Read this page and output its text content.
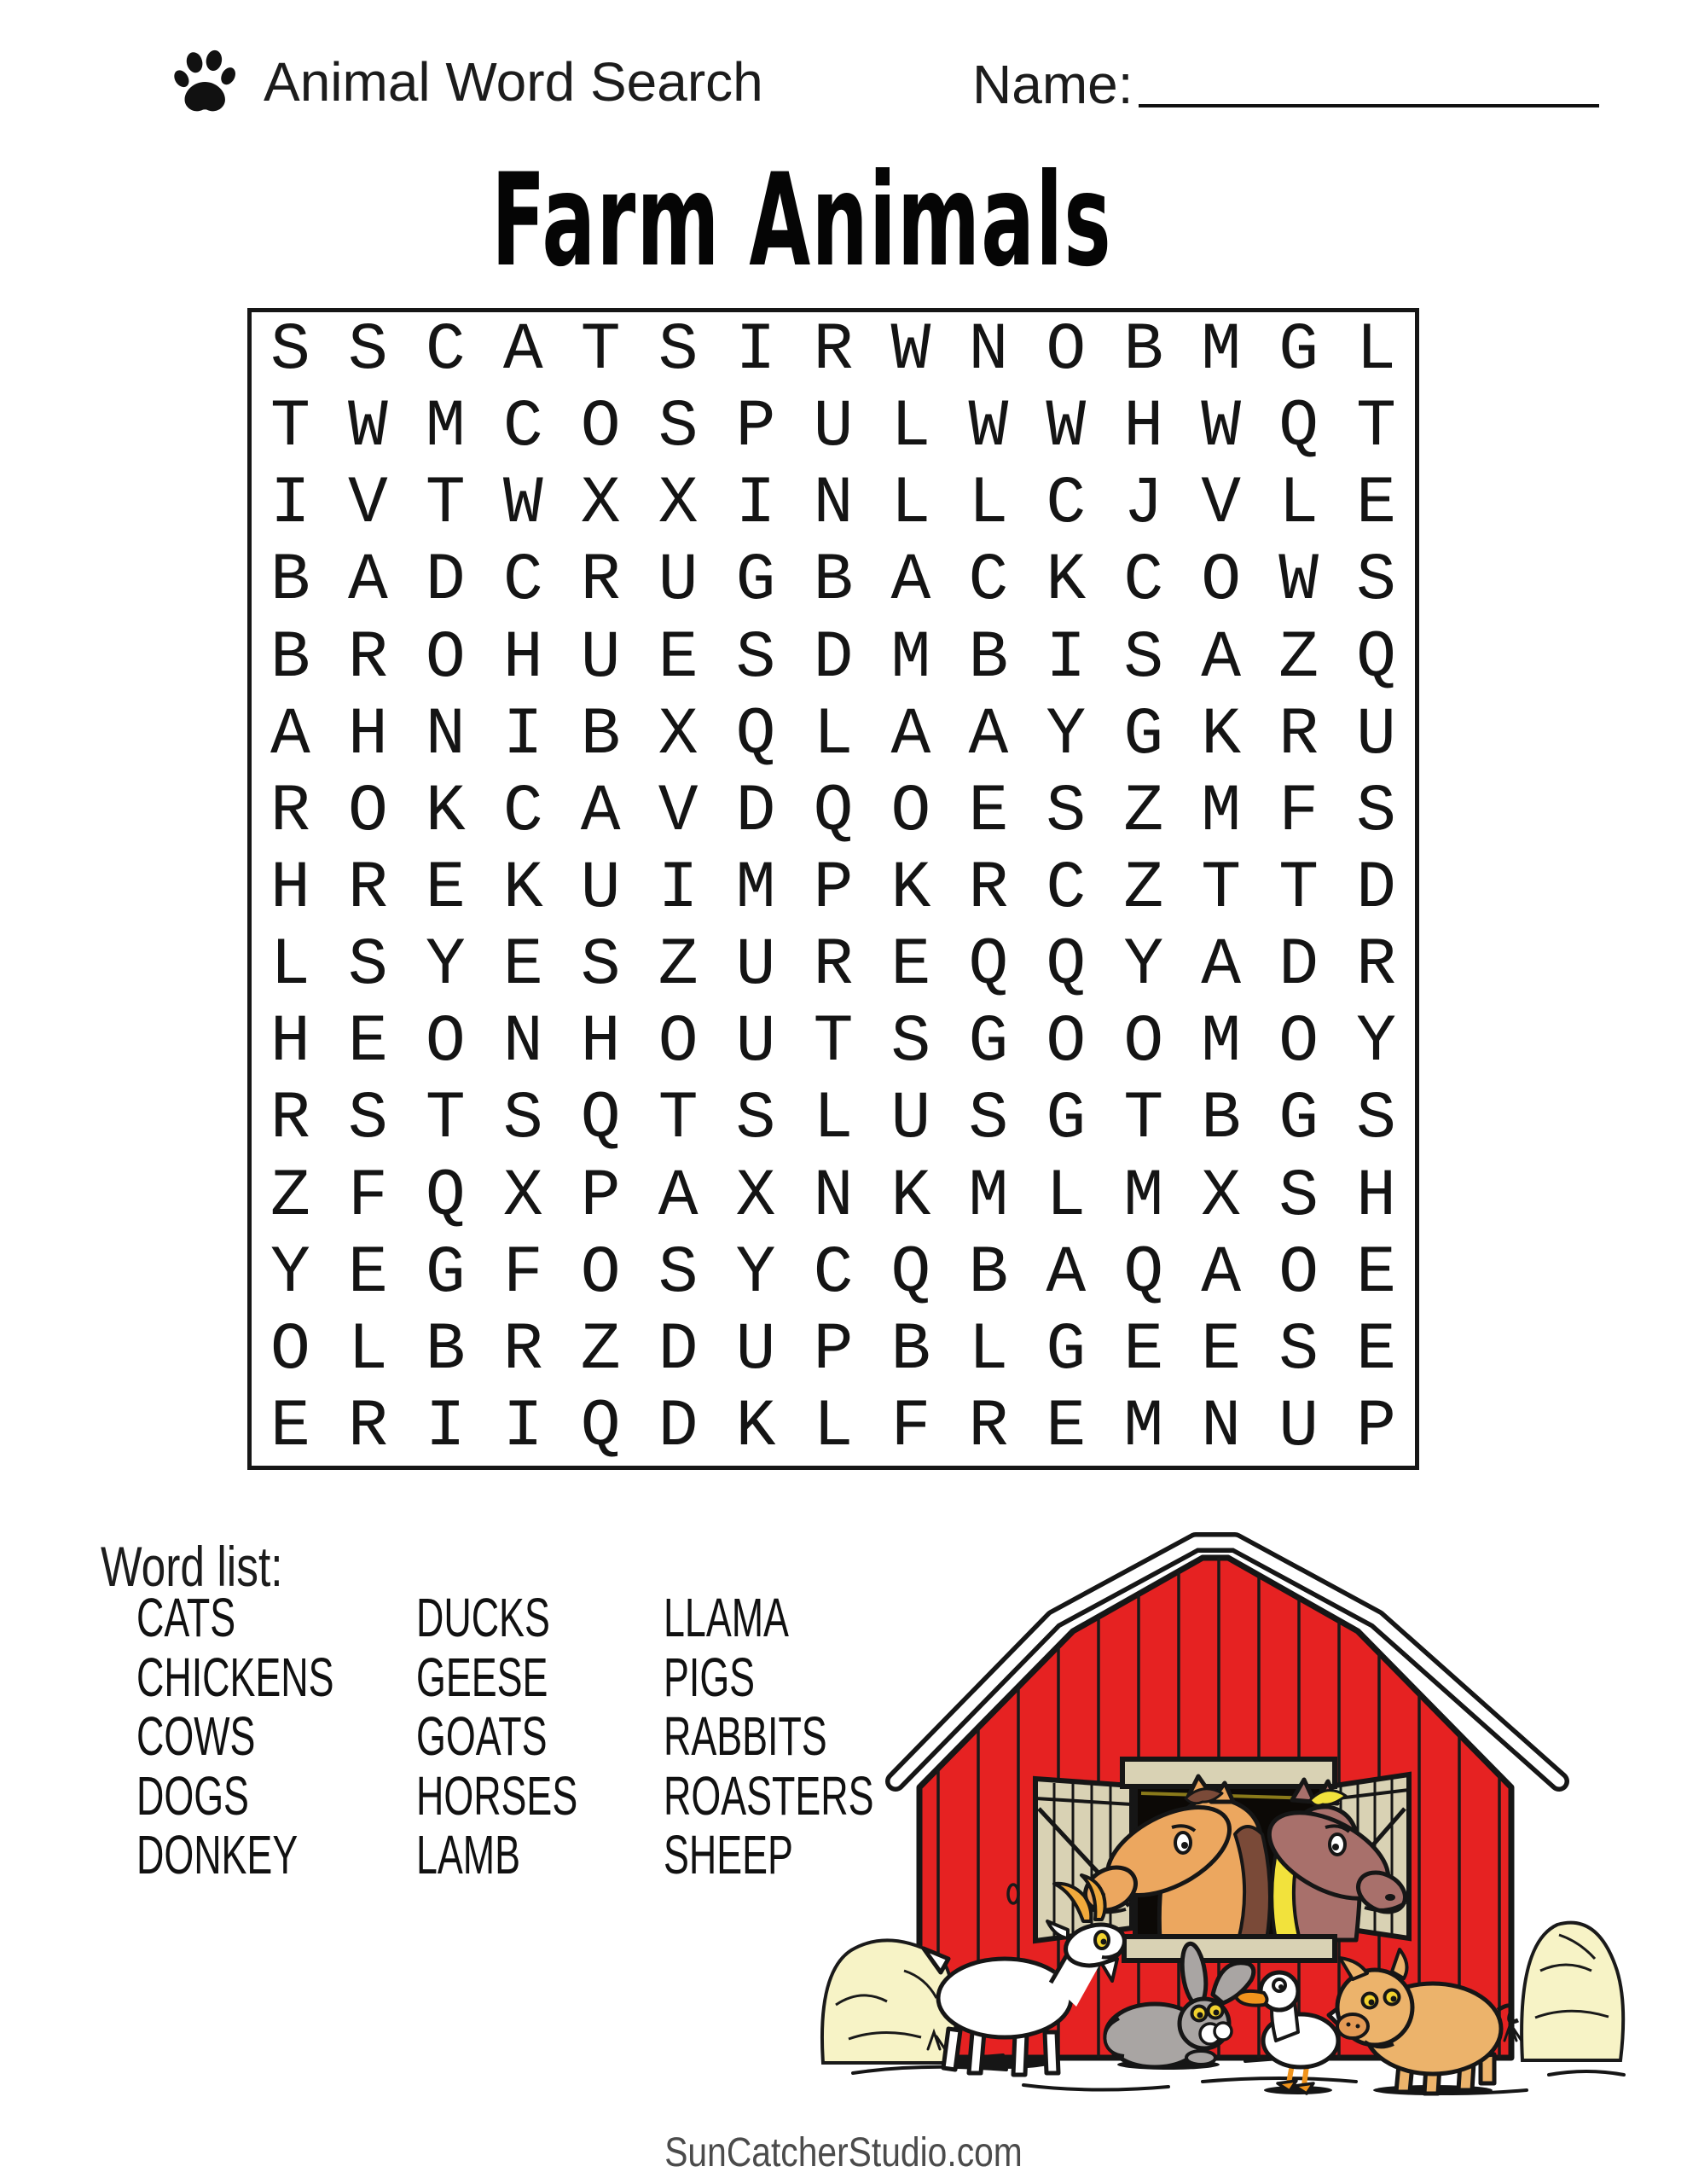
Animal Word Search	Name:
Farm Animals
S S C A T S I R W N O B M G L
T W M C O S P U L W W H W Q T
I V T W X X I N L L C J V L E
B A D C R U G B A C K C O W S
B R O H U E S D M B I S A Z Q
A H N I B X Q L A A Y G K R U
R O K C A V D Q O E S Z M F S
H R E K U I M P K R C Z T T D
L S Y E S Z U R E Q Q Y A D R
H E O N H O U T S G O O M O Y
R S T S Q T S L U S G T B G S
Z F Q X P A X N K M L M X S H
Y E G F O S Y C Q B A Q A O E
O L B R Z D U P B L G E E S E
E R I I Q D K L F R E M N U P
Word list:
CATS
CHICKENS
COWS
DOGS
DONKEY
DUCKS
GEESE
GOATS
HORSES
LAMB
LLAMA
PIGS
RABBITS
ROASTERS
SHEEP
SunCatcherStudio.com
